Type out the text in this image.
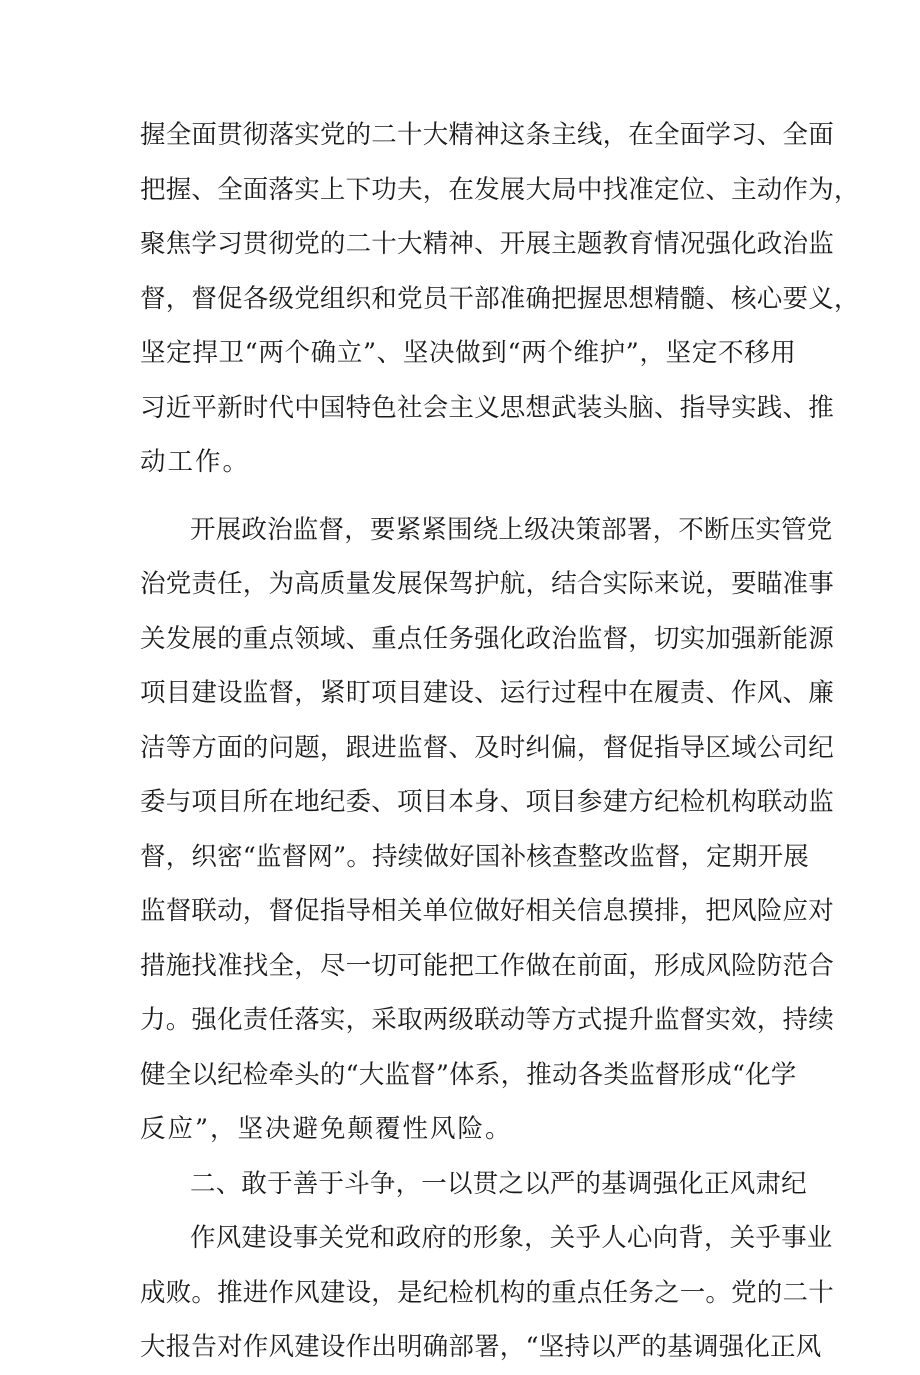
握全面贯彻落实党的二十大精神这条主线，在全面学习、全面
把握、全面落实上下功夫，在发展大局中找准定位、主动作为，
聚焦学习贯彻党的二十大精神、开展主题教育情况强化政治监
督，督促各级党组织和党员干部准确把握思想精髓、核心要义，
坚定捍卫“两个确立”、坚决做到“两个维护”，坚定不移用
习近平新时代中国特色社会主义思想武装头脑、指导实践、推
动工作。
开展政治监督，要紧紧围绕上级决策部署，不断压实管党
治党责任，为高质量发展保驾护航，结合实际来说，要瞄准事
关发展的重点领域、重点任务强化政治监督，切实加强新能源
项目建设监督，紧盯项目建设、运行过程中在履责、作风、廉
洁等方面的问题，跟进监督、及时纠偏，督促指导区域公司纪
委与项目所在地纪委、项目本身、项目参建方纪检机构联动监
督，织密“监督网”。持续做好国补核查整改监督，定期开展
监督联动，督促指导相关单位做好相关信息摸排，把风险应对
措施找准找全，尽一切可能把工作做在前面，形成风险防范合
力。强化责任落实，采取两级联动等方式提升监督实效，持续
健全以纪检牵头的“大监督”体系，推动各类监督形成“化学
反应”，坚决避免颠覆性风险。
二、敢于善于斗争，一以贯之以严的基调强化正风肃纪
作风建设事关党和政府的形象，关乎人心向背，关乎事业
成败。推进作风建设，是纪检机构的重点任务之一。党的二十
大报告对作风建设作出明确部署，“坚持以严的基调强化正风
